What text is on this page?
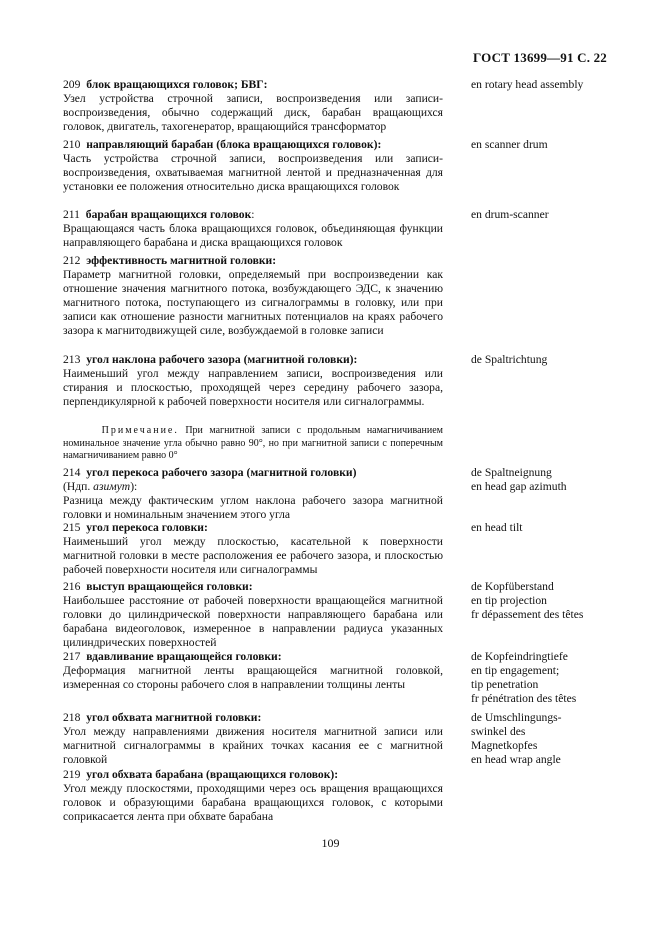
ГОСТ 13699—91 С. 22
209 блок вращающихся головок; БВГ:
Узел устройства строчной записи, воспроизведения или записи-воспроизведения, обычно содержащий диск, барабан вращающихся головок, двигатель, тахогенератор, вращающийся трансформатор
en rotary head assembly
210 направляющий барабан (блока вращающихся головок):
Часть устройства строчной записи, воспроизведения или записи-воспроизведения, охватываемая магнитной лентой и предназначенная для установки ее положения относительно диска вращающихся головок
en scanner drum
211 барабан вращающихся головок:
Вращающаяся часть блока вращающихся головок, объединяющая функции направляющего барабана и диска вращающихся головок
en drum-scanner
212 эффективность магнитной головки:
Параметр магнитной головки, определяемый при воспроизведении как отношение значения магнитного потока, возбуждающего ЭДС, к значению магнитного потока, поступающего из сигналограммы в головку, или при записи как отношение разности магнитных потенциалов на краях рабочего зазора к магнитодвижущей силе, возбуждаемой в головке записи
213 угол наклона рабочего зазора (магнитной головки):
Наименьший угол между направлением записи, воспроизведения или стирания и плоскостью, проходящей через середину рабочего зазора, перпендикулярной к рабочей поверхности носителя или сигналограммы.
Примечание. При магнитной записи с продольным намагничиванием номинальное значение угла обычно равно 90°, но при магнитной записи с поперечным намагничиванием равно 0°
de Spaltrichtung
214 угол перекоса рабочего зазора (магнитной головки)
(Ндп. азимут):
Разница между фактическим углом наклона рабочего зазора магнитной головки и номинальным значением этого угла
de Spaltneignung
en head gap azimuth
215 угол перекоса головки:
Наименьший угол между плоскостью, касательной к поверхности магнитной головки в месте расположения ее рабочего зазора, и плоскостью рабочей поверхности носителя или сигналограммы
en head tilt
216 выступ вращающейся головки:
Наибольшее расстояние от рабочей поверхности вращающейся магнитной головки до цилиндрической поверхности направляющего барабана или барабана видеоголовок, измеренное в направлении радиуса указанных цилиндрических поверхностей
de Kopfüberstand
en tip projection
fr dépassement des têtes
217 вдавливание вращающейся головки:
Деформация магнитной ленты вращающейся магнитной головкой, измеренная со стороны рабочего слоя в направлении толщины ленты
de Kopfeindringtiefe
en tip engagement;
tip penetration
fr pénétration des têtes
218 угол обхвата магнитной головки:
Угол между направлениями движения носителя магнитной записи или магнитной сигналограммы в крайних точках касания ее с магнитной головкой
de Umschlingungs-
swinkel des
Magnetkopfes
en head wrap angle
219 угол обхвата барабана (вращающихся головок):
Угол между плоскостями, проходящими через ось вращения вращающихся головок и образующими барабана вращающихся головок, с которыми соприкасается лента при обхвате барабана
109
